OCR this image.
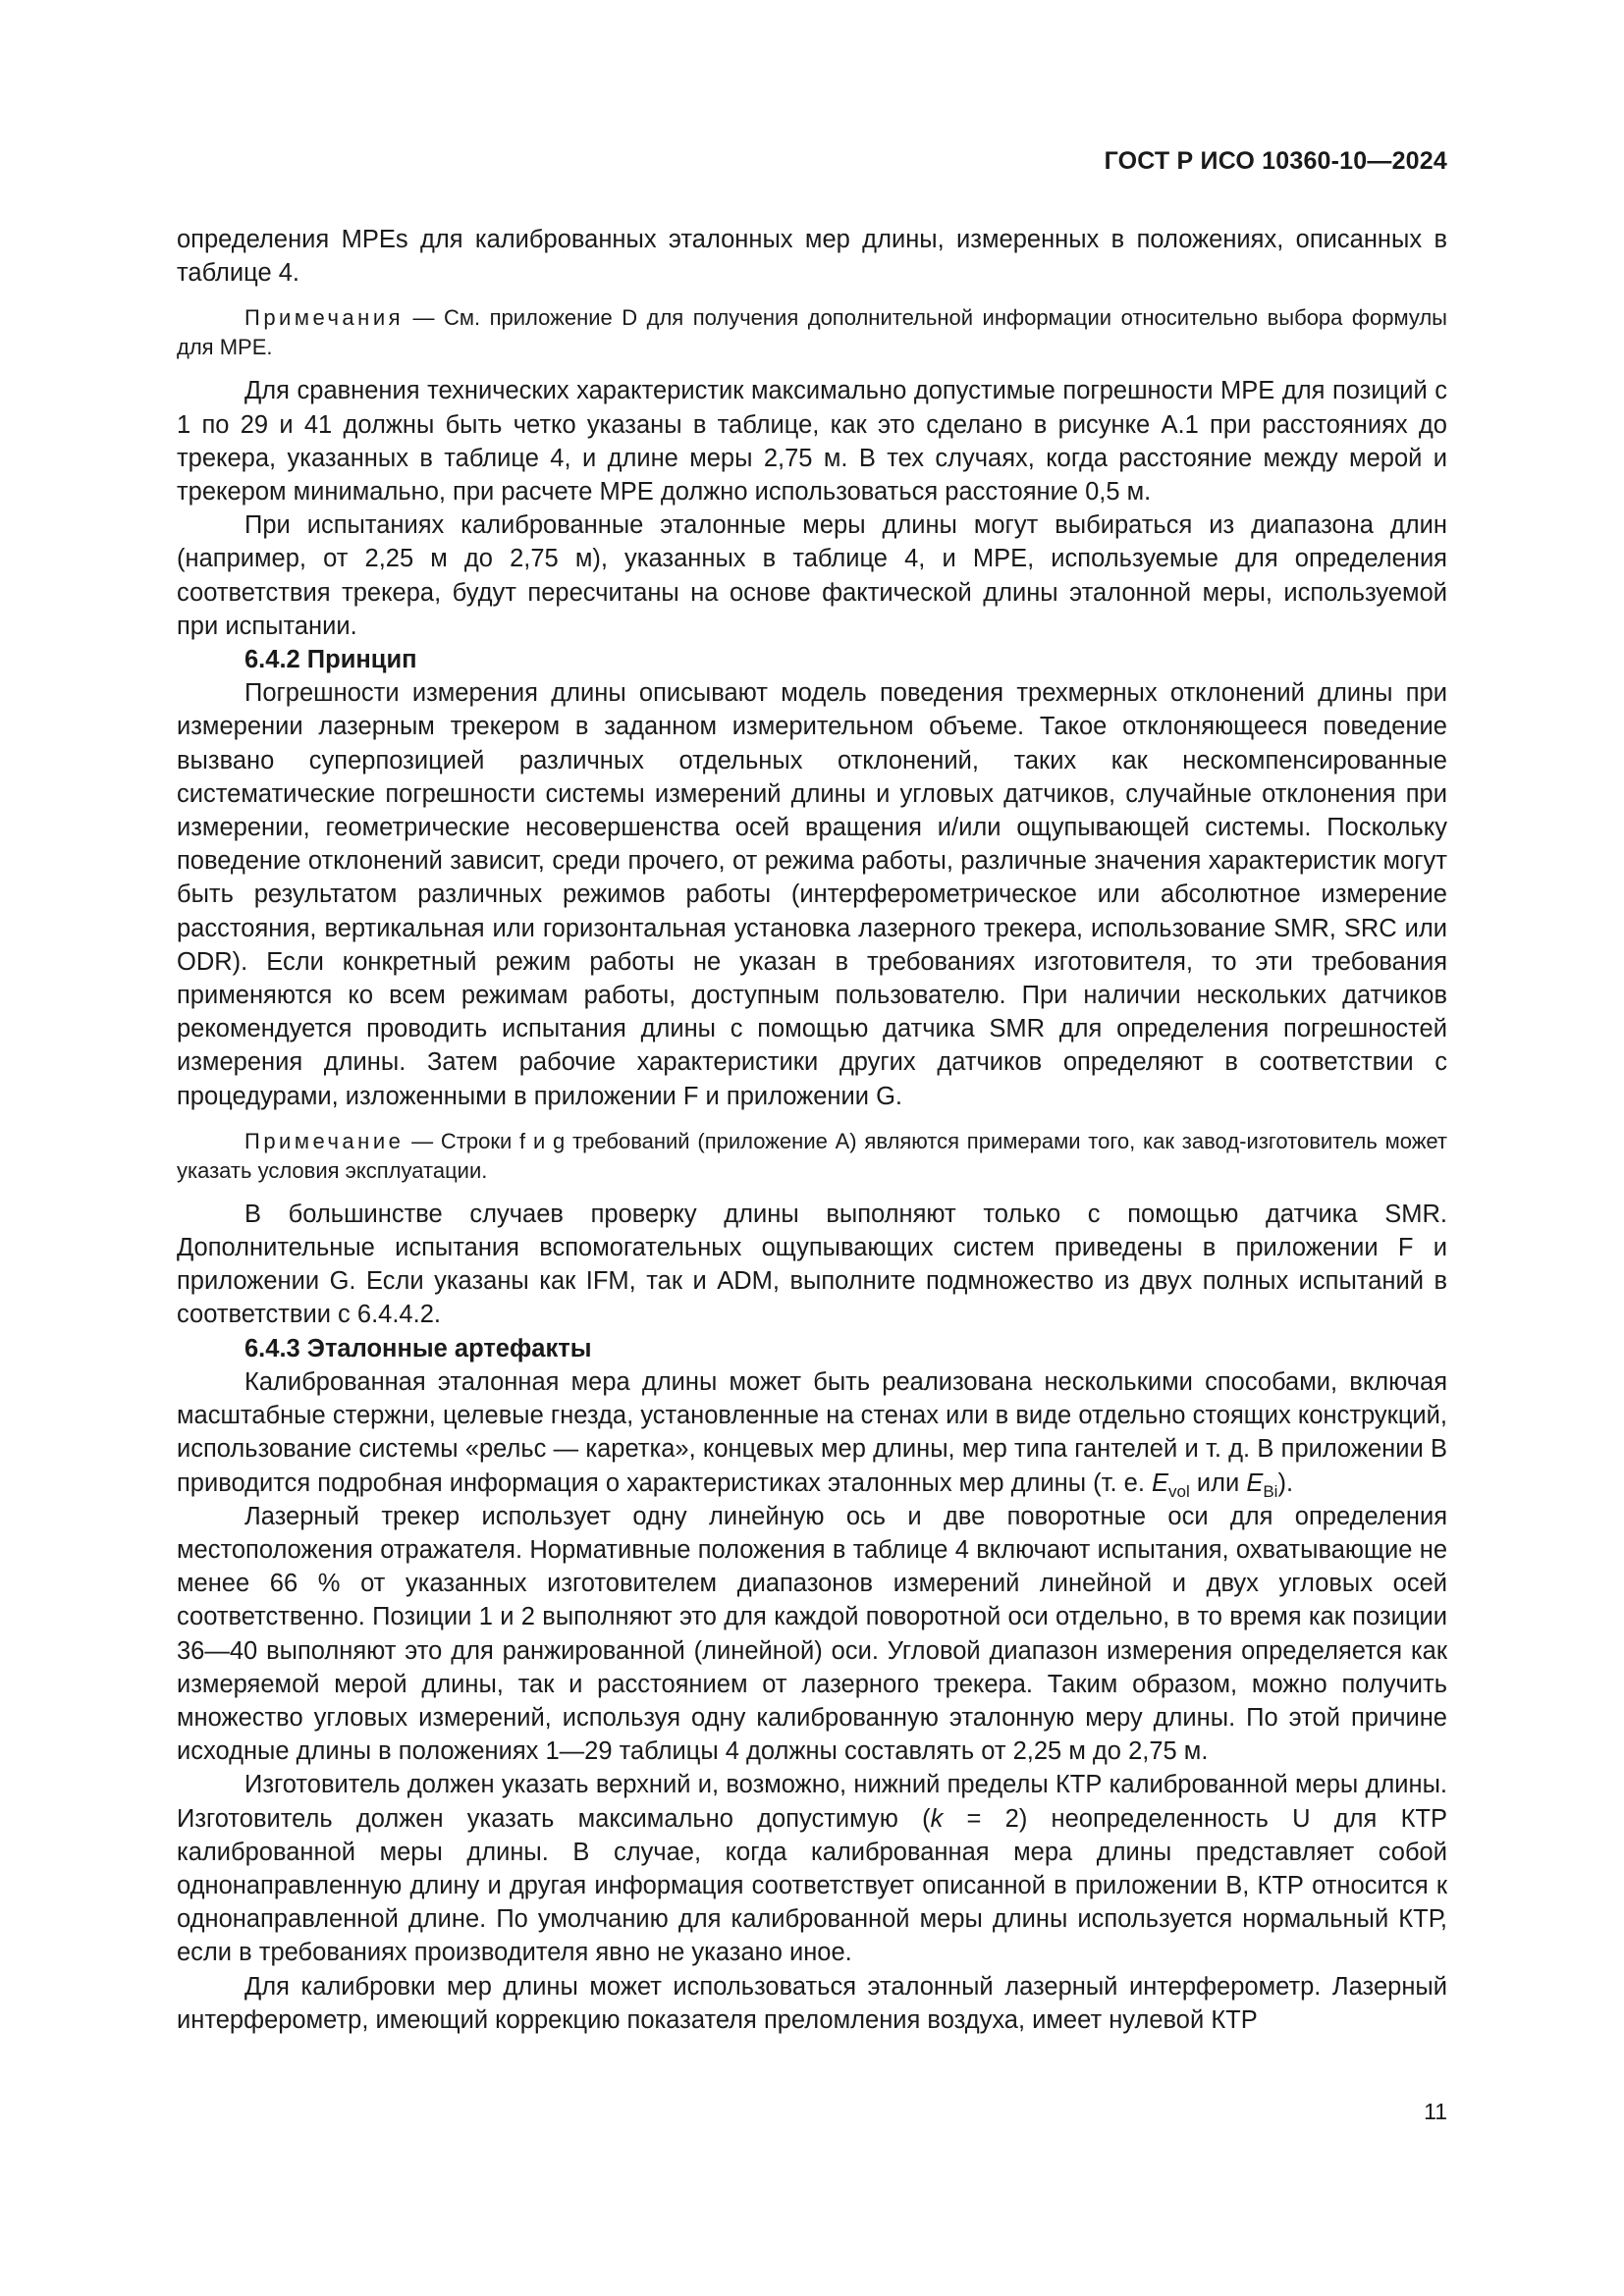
ГОСТ Р ИСО 10360-10—2024

определения MPEs для калиброванных эталонных мер длины, измеренных в положениях, описанных в таблице 4.

Примечания — См. приложение D для получения дополнительной информации относительно выбора формулы для MPE.

Для сравнения технических характеристик максимально допустимые погрешности MPE для позиций с 1 по 29 и 41 должны быть четко указаны в таблице, как это сделано в рисунке А.1 при расстояниях до трекера, указанных в таблице 4, и длине меры 2,75 м. В тех случаях, когда расстояние между мерой и трекером минимально, при расчете MPE должно использоваться расстояние 0,5 м.

При испытаниях калиброванные эталонные меры длины могут выбираться из диапазона длин (например, от 2,25 м до 2,75 м), указанных в таблице 4, и MPE, используемые для определения соответствия трекера, будут пересчитаны на основе фактической длины эталонной меры, используемой при испытании.

6.4.2 Принцип

Погрешности измерения длины описывают модель поведения трехмерных отклонений длины при измерении лазерным трекером в заданном измерительном объеме. Такое отклоняющееся поведение вызвано суперпозицией различных отдельных отклонений, таких как нескомпенсированные систематические погрешности системы измерений длины и угловых датчиков, случайные отклонения при измерении, геометрические несовершенства осей вращения и/или ощупывающей системы. Поскольку поведение отклонений зависит, среди прочего, от режима работы, различные значения характеристик могут быть результатом различных режимов работы (интерферометрическое или абсолютное измерение расстояния, вертикальная или горизонтальная установка лазерного трекера, использование SMR, SRC или ODR). Если конкретный режим работы не указан в требованиях изготовителя, то эти требования применяются ко всем режимам работы, доступным пользователю. При наличии нескольких датчиков рекомендуется проводить испытания длины с помощью датчика SMR для определения погрешностей измерения длины. Затем рабочие характеристики других датчиков определяют в соответствии с процедурами, изложенными в приложении F и приложении G.

Примечание — Строки f и g требований (приложение А) являются примерами того, как завод-изготовитель может указать условия эксплуатации.

В большинстве случаев проверку длины выполняют только с помощью датчика SMR. Дополнительные испытания вспомогательных ощупывающих систем приведены в приложении F и приложении G. Если указаны как IFM, так и ADM, выполните подмножество из двух полных испытаний в соответствии с 6.4.4.2.

6.4.3 Эталонные артефакты

Калиброванная эталонная мера длины может быть реализована несколькими способами, включая масштабные стержни, целевые гнезда, установленные на стенах или в виде отдельно стоящих конструкций, использование системы «рельс — каретка», концевых мер длины, мер типа гантелей и т. д. В приложении В приводится подробная информация о характеристиках эталонных мер длины (т. е. $E_{vol}$ или $E_{Bi}$).

Лазерный трекер использует одну линейную ось и две поворотные оси для определения местоположения отражателя. Нормативные положения в таблице 4 включают испытания, охватывающие не менее 66 % от указанных изготовителем диапазонов измерений линейной и двух угловых осей соответственно. Позиции 1 и 2 выполняют это для каждой поворотной оси отдельно, в то время как позиции 36—40 выполняют это для ранжированной (линейной) оси. Угловой диапазон измерения определяется как измеряемой мерой длины, так и расстоянием от лазерного трекера. Таким образом, можно получить множество угловых измерений, используя одну калиброванную эталонную меру длины. По этой причине исходные длины в положениях 1—29 таблицы 4 должны составлять от 2,25 м до 2,75 м.

Изготовитель должен указать верхний и, возможно, нижний пределы КТР калиброванной меры длины. Изготовитель должен указать максимально допустимую (k = 2) неопределенность U для КТР калиброванной меры длины. В случае, когда калиброванная мера длины представляет собой однонаправленную длину и другая информация соответствует описанной в приложении В, КТР относится к однонаправленной длине. По умолчанию для калиброванной меры длины используется нормальный КТР, если в требованиях производителя явно не указано иное.

Для калибровки мер длины может использоваться эталонный лазерный интерферометр. Лазерный интерферометр, имеющий коррекцию показателя преломления воздуха, имеет нулевой КТР

11
